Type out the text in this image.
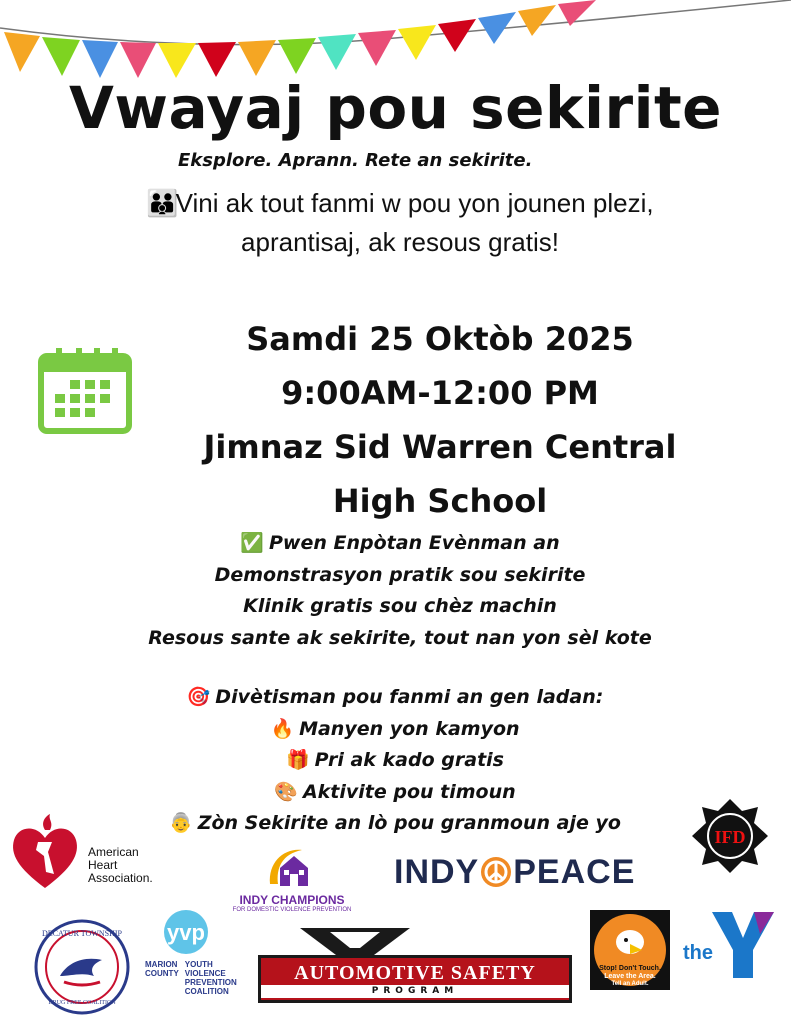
Vwayaj pou sekirite
Eksplore. Aprann. Rete an sekirite.
👪 Vini ak tout fanmi w pou yon jounen plezi,
aprantisaj, ak resous gratis!
Samdi 25 Oktòb 2025
9:00AM-12:00 PM
Jimnaz Sid Warren Central
High School
✅ Pwen Enpòtan Evènman an
Demonstrasyon pratik sou sekirite
Klinik gratis sou chèz machin
Resous sante ak sekirite, tout nan yon sèl kote
🎯 Divètisman pou fanmi an gen ladan:
🔥 Manyen yon kamyon
🎁 Pri ak kado gratis
🎨 Aktivite pou timoun
👵 Zòn Sekirite an lò pou granmoun aje yo
American
Heart
Association.
INDY CHAMPIONS
FOR DOMESTIC VIOLENCE PREVENTION
INDY PEACE
IFD
DECATUR TOWNSHIP
DRUG FREE COALITION
yvp
MARION
COUNTY
YOUTH
VIOLENCE
PREVENTION
COALITION
AUTOMOTIVE SAFETY
PROGRAM
Stop! Don't Touch.
Leave the Area.
Tell an Adult.
the
